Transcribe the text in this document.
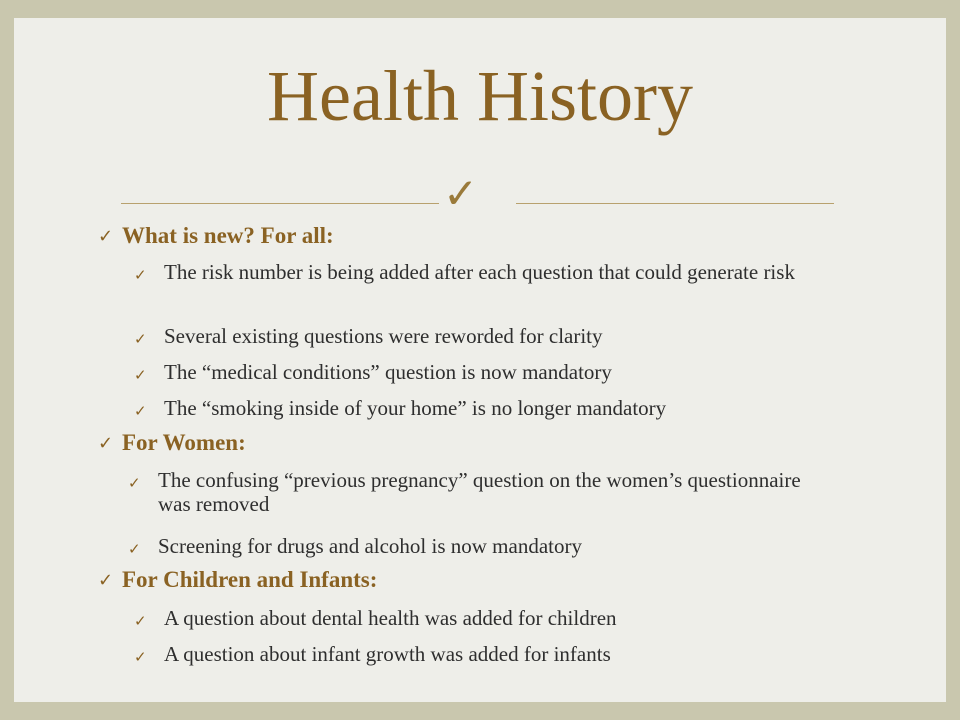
Health History
✓
✓ What is new? For all:
✓ The risk number is being added after each question that could generate risk
✓ Several existing questions were reworded for clarity
✓ The “medical conditions” question is now mandatory
✓ The “smoking inside of your home” is no longer mandatory
✓ For Women:
✓ The confusing “previous pregnancy” question on the women’s questionnaire was removed
✓ Screening for drugs and alcohol is now mandatory
✓ For Children and Infants:
✓ A question about dental health was added for children
✓ A question about infant growth was added for infants
